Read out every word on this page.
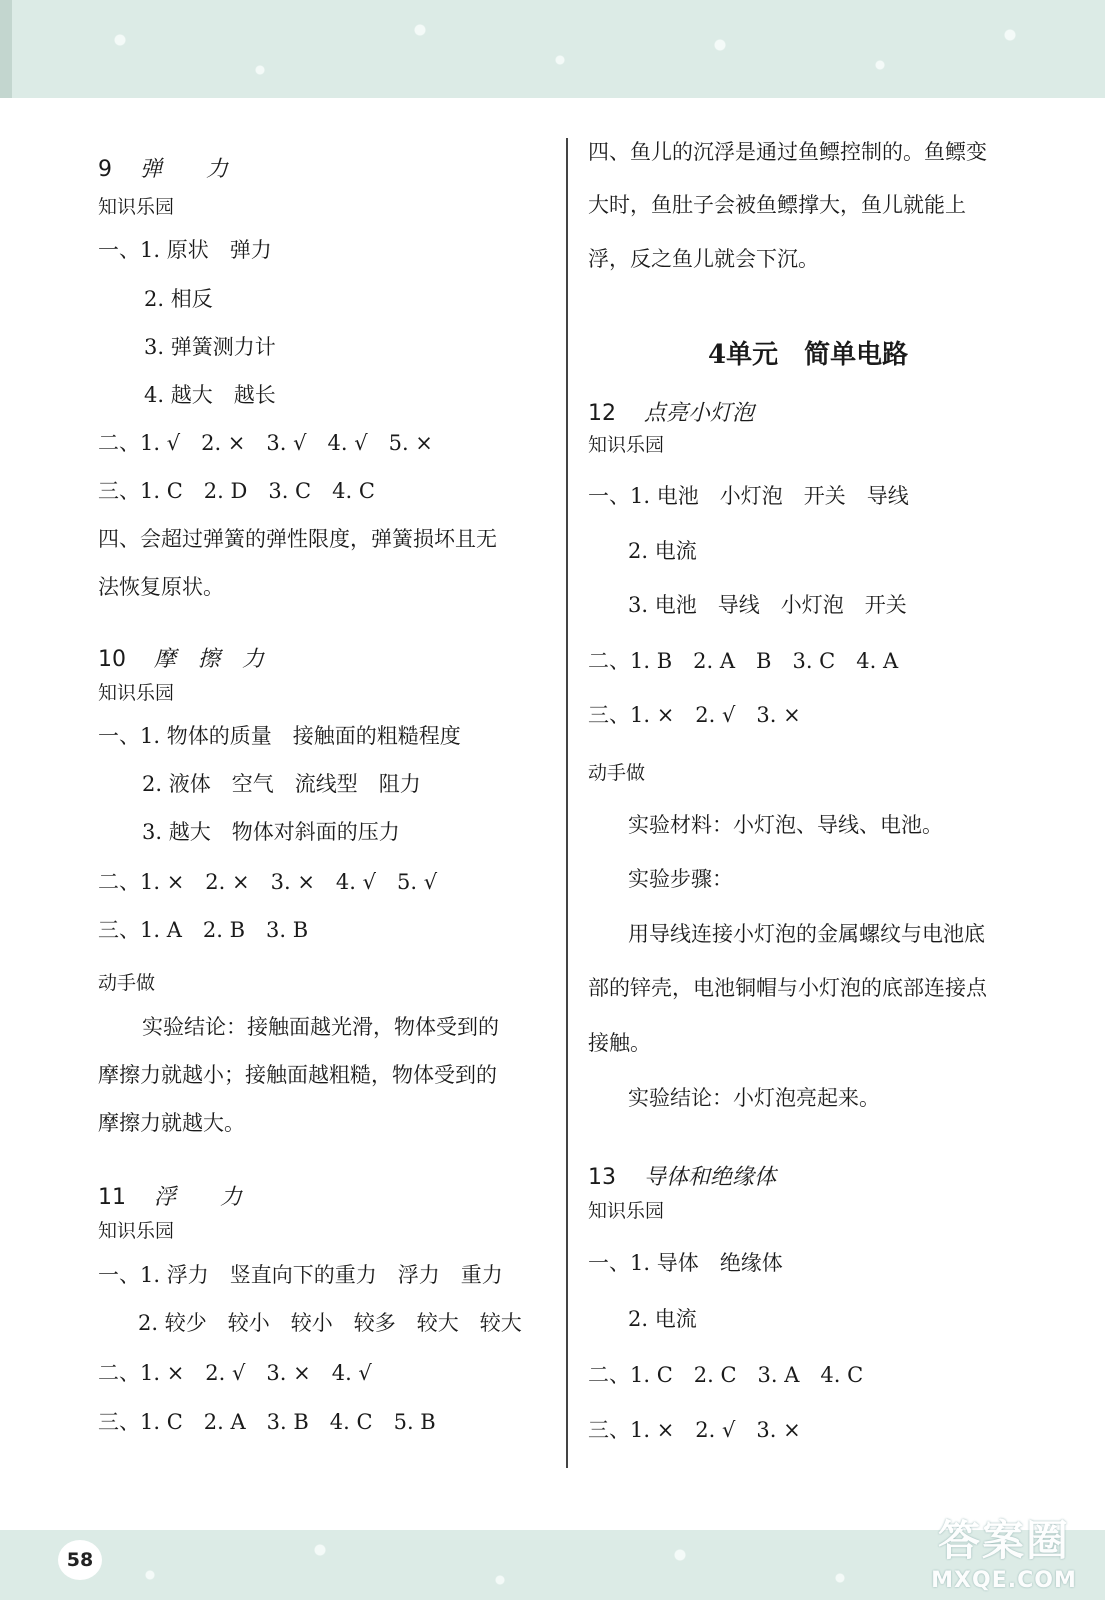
58	答案圈
MXQE.COM
9 弹　　力
知识乐园
一、1. 原状　弹力
2. 相反
3. 弹簧测力计
4. 越大　越长
二、1. √　2. ×　3. √　4. √　5. ×
三、1. C　2. D　3. C　4. C
四、会超过弹簧的弹性限度，弹簧损坏且无
法恢复原状。
10 摩　擦　力
知识乐园
一、1. 物体的质量　接触面的粗糙程度
2. 液体　空气　流线型　阻力
3. 越大　物体对斜面的压力
二、1. ×　2. ×　3. ×　4. √　5. √
三、1. A　2. B　3. B
动手做
实验结论：接触面越光滑，物体受到的
摩擦力就越小；接触面越粗糙，物体受到的
摩擦力就越大。
11 浮　　力
知识乐园
一、1. 浮力　竖直向下的重力　浮力　重力
2. 较少　较小　较小　较多　较大　较大
二、1. ×　2. √　3. ×　4. √
三、1. C　2. A　3. B　4. C　5. B
四、鱼儿的沉浮是通过鱼鳔控制的。鱼鳔变
大时，鱼肚子会被鱼鳔撑大，鱼儿就能上
浮，反之鱼儿就会下沉。
4单元　简单电路
12 点亮小灯泡
知识乐园
一、1. 电池　小灯泡　开关　导线
2. 电流
3. 电池　导线　小灯泡　开关
二、1. B　2. A　B　3. C　4. A
三、1. ×　2. √　3. ×
动手做
实验材料：小灯泡、导线、电池。
实验步骤：
用导线连接小灯泡的金属螺纹与电池底
部的锌壳，电池铜帽与小灯泡的底部连接点
接触。
实验结论：小灯泡亮起来。
13 导体和绝缘体
知识乐园
一、1. 导体　绝缘体
2. 电流
二、1. C　2. C　3. A　4. C
三、1. ×　2. √　3. ×
